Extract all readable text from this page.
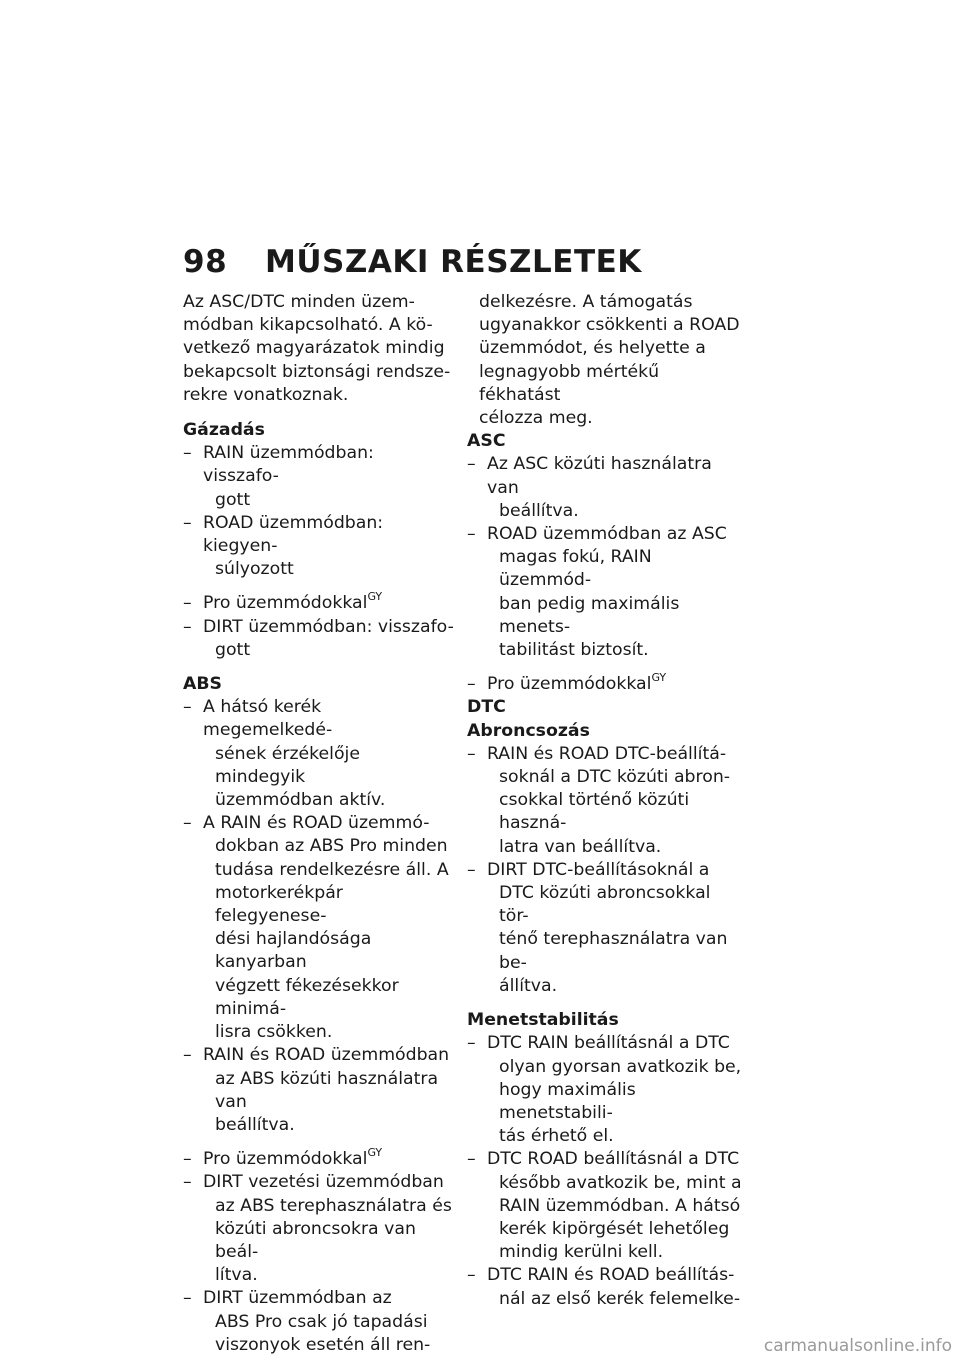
98 MŰSZAKI RÉSZLETEK
Az ASC/DTC minden üzem-
módban kikapcsolható. A kö-
vetkező magyarázatok mindig
bekapcsolt biztonsági rendsze-
rekre vonatkoznak.
Gázadás
– RAIN üzemmódban: visszafo-
gott
– ROAD üzemmódban: kiegyen-
súlyozott
– Pro üzemmódokkal$^{GY}$
– DIRT üzemmódban: visszafo-
gott
ABS
– A hátsó kerék megemelkedé-
sének érzékelője mindegyik
üzemmódban aktív.
– A RAIN és ROAD üzemmó-
dokban az ABS Pro minden
tudása rendelkezésre áll. A
motorkerékpár felegyenese-
dési hajlandósága kanyarban
végzett fékezésekkor minimá-
lisra csökken.
– RAIN és ROAD üzemmódban
az ABS közúti használatra van
beállítva.
– Pro üzemmódokkal$^{GY}$
– DIRT vezetési üzemmódban
az ABS terephasználatra és
közúti abroncsokra van beál-
lítva.
– DIRT üzemmódban az
ABS Pro csak jó tapadási
viszonyok esetén áll ren-
delkezésre. A támogatás
ugyanakkor csökkenti a ROAD
üzemmódot, és helyette a
legnagyobb mértékű fékhatást
célozza meg.
ASC
– Az ASC közúti használatra van
beállítva.
– ROAD üzemmódban az ASC
magas fokú, RAIN üzemmód-
ban pedig maximális menets-
tabilitást biztosít.
– Pro üzemmódokkal$^{GY}$
DTC
Abroncsozás
– RAIN és ROAD DTC-beállítá-
soknál a DTC közúti abron-
csokkal történő közúti haszná-
latra van beállítva.
– DIRT DTC-beállításoknál a
DTC közúti abroncsokkal tör-
ténő terephasználatra van be-
állítva.
Menetstabilitás
– DTC RAIN beállításnál a DTC
olyan gyorsan avatkozik be,
hogy maximális menetstabili-
tás érhető el.
– DTC ROAD beállításnál a DTC
később avatkozik be, mint a
RAIN üzemmódban. A hátsó
kerék kipörgését lehetőleg
mindig kerülni kell.
– DTC RAIN és ROAD beállítás-
nál az első kerék felemelke-
carmanualsonline.info
